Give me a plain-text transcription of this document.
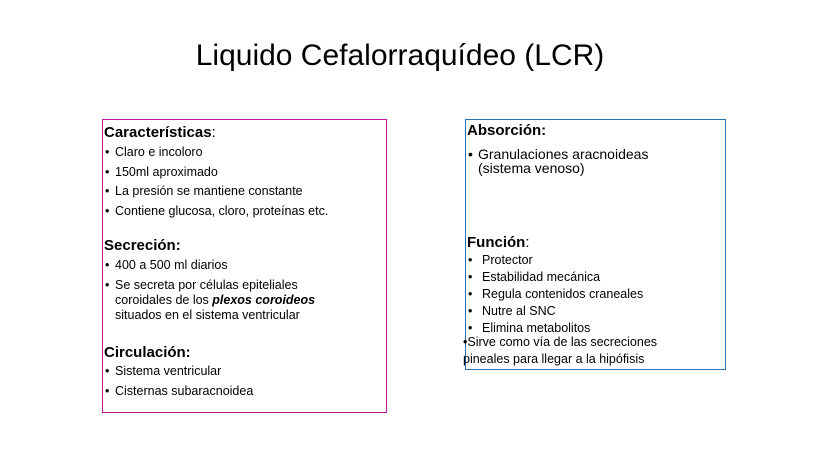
Liquido Cefalorraquídeo (LCR)
Características:
• Claro e incoloro
• 150ml aproximado
• La presión se mantiene constante
• Contiene glucosa, cloro, proteínas etc.
Secreción:
• 400 a 500 ml diarios
• Se secreta por células epiteliales
coroidales de los plexos coroideos
situados en el sistema ventricular
Circulación:
• Sistema ventricular
• Cisternas subaracnoidea
Absorción:
• Granulaciones aracnoideas
(sistema venoso)
Función:
• Protector
• Estabilidad mecánica
• Regula contenidos craneales
• Nutre al SNC
• Elimina metabolitos
•Sirve como vía de las secreciones
pineales para llegar a la hipófisis
